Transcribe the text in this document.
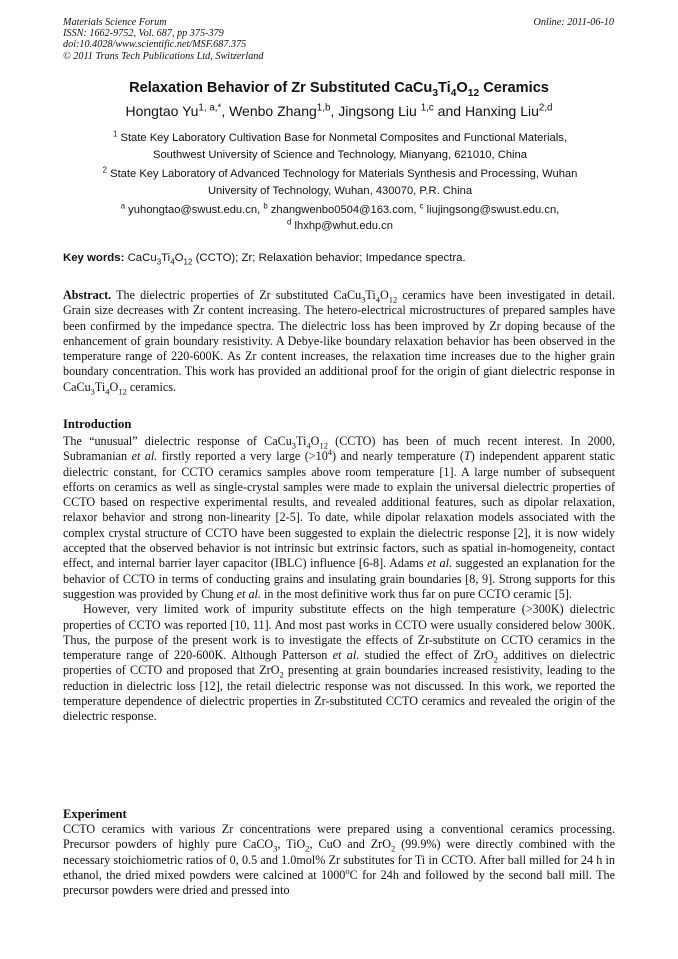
Materials Science Forum
ISSN: 1662-9752, Vol. 687, pp 375-379
doi:10.4028/www.scientific.net/MSF.687.375
© 2011 Trans Tech Publications Ltd, Switzerland
Online: 2011-06-10
Relaxation Behavior of Zr Substituted $CaCu_3Ti_4O_{12}$ Ceramics
Hongtao $Yu^{1, a,*}$, Wenbo Zhang$^{1,b}$, Jingsong Liu $^{1,c}$ and Hanxing Liu$^{2,d}$
$^1$ State Key Laboratory Cultivation Base for Nonmetal Composites and Functional Materials,
Southwest University of Science and Technology, Mianyang, 621010, China
$^2$ State Key Laboratory of Advanced Technology for Materials Synthesis and Processing, Wuhan
University of Technology, Wuhan, 430070, P.R. China
$^a$ yuhongtao@swust.edu.cn, $^b$ zhangwenbo0504@163.com, $^c$ liujingsong@swust.edu.cn,
$^d$ lhxhp@whut.edu.cn
Key words: $CaCu_3Ti_4O_{12}$ (CCTO); Zr; Relaxation behavior; Impedance spectra.
Abstract. The dielectric properties of Zr substituted $CaCu_3Ti_4O_{12}$ ceramics have been investigated in detail. Grain size decreases with Zr content increasing. The hetero-electrical microstructures of prepared samples have been confirmed by the impedance spectra. The dielectric loss has been improved by Zr doping because of the enhancement of grain boundary resistivity. A Debye-like boundary relaxation behavior has been observed in the temperature range of 220-600K. As Zr content increases, the relaxation time increases due to the higher grain boundary concentration. This work has provided an additional proof for the origin of giant dielectric response in $CaCu_3Ti_4O_{12}$ ceramics.
Introduction
The “unusual” dielectric response of $CaCu_3Ti_4O_{12}$ (CCTO) has been of much recent interest. In 2000, Subramanian et al. firstly reported a very large $(>10^4)$ and nearly temperature (T) independent apparent static dielectric constant, for CCTO ceramics samples above room temperature [1]. A large number of subsequent efforts on ceramics as well as single-crystal samples were made to explain the universal dielectric properties of CCTO based on respective experimental results, and revealed additional features, such as dipolar relaxation, relaxor behavior and strong non-linearity [2-5]. To date, while dipolar relaxation models associated with the complex crystal structure of CCTO have been suggested to explain the dielectric response [2], it is now widely accepted that the observed behavior is not intrinsic but extrinsic factors, such as spatial in-homogeneity, contact effect, and internal barrier layer capacitor (IBLC) influence [6-8]. Adams et al. suggested an explanation for the behavior of CCTO in terms of conducting grains and insulating grain boundaries [8, 9]. Strong supports for this suggestion was provided by Chung et al. in the most definitive work thus far on pure CCTO ceramic [5].
However, very limited work of impurity substitute effects on the high temperature (>300K) dielectric properties of CCTO was reported [10, 11]. And most past works in CCTO were usually considered below 300K. Thus, the purpose of the present work is to investigate the effects of Zr-substitute on CCTO ceramics in the temperature range of 220-600K. Although Patterson et al. studied the effect of ZrO$_2$ additives on dielectric properties of CCTO and proposed that ZrO$_2$ presenting at grain boundaries increased resistivity, leading to the reduction in dielectric loss [12], the retail dielectric response was not discussed. In this work, we reported the temperature dependence of dielectric properties in Zr-substituted CCTO ceramics and revealed the origin of the dielectric response.
Experiment
CCTO ceramics with various Zr concentrations were prepared using a conventional ceramics processing. Precursor powders of highly pure CaCO$_3$, TiO$_2$, CuO and ZrO$_2$ (99.9%) were directly combined with the necessary stoichiometric ratios of 0, 0.5 and 1.0mol% Zr substitutes for Ti in CCTO. After ball milled for 24 h in ethanol, the dried mixed powders were calcined at 1000$^o$C for 24h and followed by the second ball mill. The precursor powders were dried and pressed into
